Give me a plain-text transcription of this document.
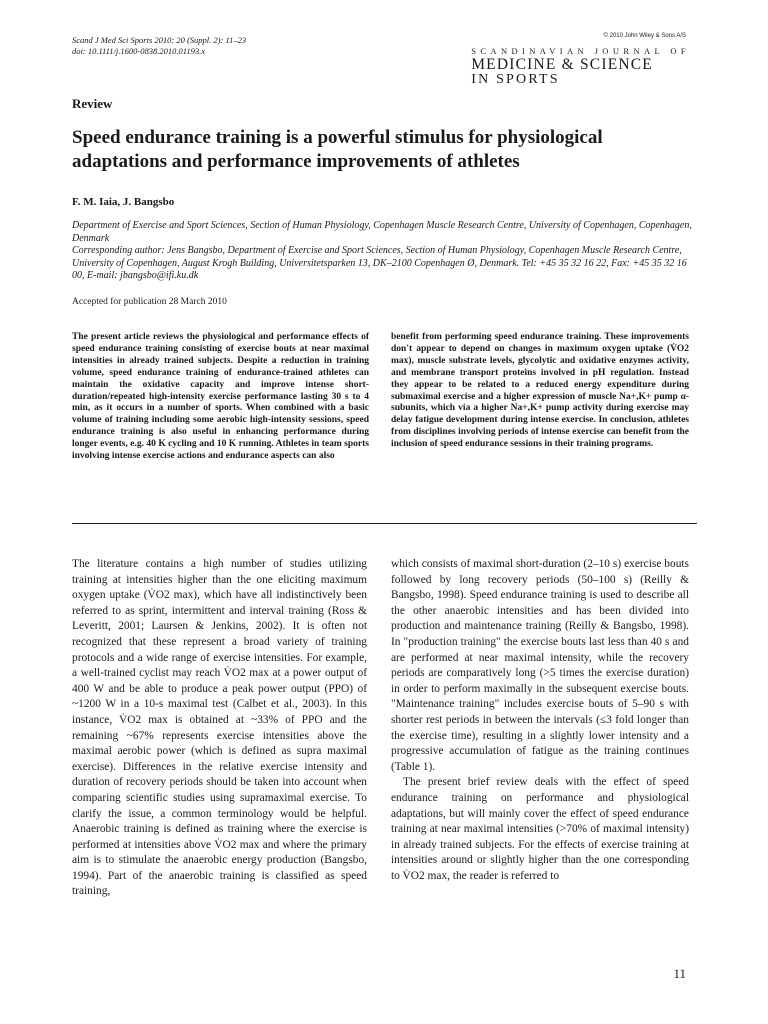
Scand J Med Sci Sports 2010: 20 (Suppl. 2): 11–23
doi: 10.1111/j.1600-0838.2010.01193.x
© 2010 John Wiley & Sons A/S
SCANDINAVIAN JOURNAL OF
MEDICINE & SCIENCE
IN SPORTS
Review
Speed endurance training is a powerful stimulus for physiological adaptations and performance improvements of athletes
F. M. Iaia, J. Bangsbo
Department of Exercise and Sport Sciences, Section of Human Physiology, Copenhagen Muscle Research Centre, University of Copenhagen, Copenhagen, Denmark
Corresponding author: Jens Bangsbo, Department of Exercise and Sport Sciences, Section of Human Physiology, Copenhagen Muscle Research Centre, University of Copenhagen, August Krogh Building, Universitetsparken 13, DK–2100 Copenhagen Ø, Denmark. Tel: +45 35 32 16 22, Fax: +45 35 32 16 00, E-mail: jbangsbo@ifi.ku.dk
Accepted for publication 28 March 2010
The present article reviews the physiological and performance effects of speed endurance training consisting of exercise bouts at near maximal intensities in already trained subjects. Despite a reduction in training volume, speed endurance training of endurance-trained athletes can maintain the oxidative capacity and improve intense short-duration/repeated high-intensity exercise performance lasting 30 s to 4 min, as it occurs in a number of sports. When combined with a basic volume of training including some aerobic high-intensity sessions, speed endurance training is also useful in enhancing performance during longer events, e.g. 40 K cycling and 10 K running. Athletes in team sports involving intense exercise actions and endurance aspects can also
benefit from performing speed endurance training. These improvements don't appear to depend on changes in maximum oxygen uptake (V̇O2 max), muscle substrate levels, glycolytic and oxidative enzymes activity, and membrane transport proteins involved in pH regulation. Instead they appear to be related to a reduced energy expenditure during submaximal exercise and a higher expression of muscle Na+,K+ pump α-subunits, which via a higher Na+,K+ pump activity during exercise may delay fatigue development during intense exercise. In conclusion, athletes from disciplines involving periods of intense exercise can benefit from the inclusion of speed endurance sessions in their training programs.

The literature contains a high number of studies utilizing training at intensities higher than the one eliciting maximum oxygen uptake (V̇O2 max), which have all indistinctively been referred to as sprint, intermittent and interval training (Ross & Leveritt, 2001; Laursen & Jenkins, 2002). It is often not recognized that these represent a broad variety of training protocols and a wide range of exercise intensities. For example, a well-trained cyclist may reach V̇O2 max at a power output of 400 W and be able to produce a peak power output (PPO) of ~1200 W in a 10-s maximal test (Calbet et al., 2003). In this instance, V̇O2 max is obtained at ~33% of PPO and the remaining ~67% represents exercise intensities above the maximal aerobic power (which is defined as supra maximal exercise). Differences in the relative exercise intensity and duration of recovery periods should be taken into account when comparing scientific studies using supramaximal exercise. To clarify the issue, a common terminology would be helpful. Anaerobic training is defined as training where the exercise is performed at intensities above V̇O2 max and where the primary aim is to stimulate the anaerobic energy production (Bangsbo, 1994). Part of the anaerobic training is classified as speed training,

which consists of maximal short-duration (2–10 s) exercise bouts followed by long recovery periods (50–100 s) (Reilly & Bangsbo, 1998). Speed endurance training is used to describe all the other anaerobic intensities and has been divided into production and maintenance training (Reilly & Bangsbo, 1998). In "production training" the exercise bouts last less than 40 s and are performed at near maximal intensity, while the recovery periods are comparatively long (>5 times the exercise duration) in order to perform maximally in the subsequent exercise bouts. "Maintenance training" includes exercise bouts of 5–90 s with shorter rest periods in between the intervals (≤3 fold longer than the exercise time), resulting in a slightly lower intensity and a progressive accumulation of fatigue as the training continues (Table 1).

The present brief review deals with the effect of speed endurance training on performance and physiological adaptations, but will mainly cover the effect of speed endurance training at near maximal intensities (>70% of maximal intensity) in already trained subjects. For the effects of exercise training at intensities around or slightly higher than the one corresponding to V̇O2 max, the reader is referred to

11
